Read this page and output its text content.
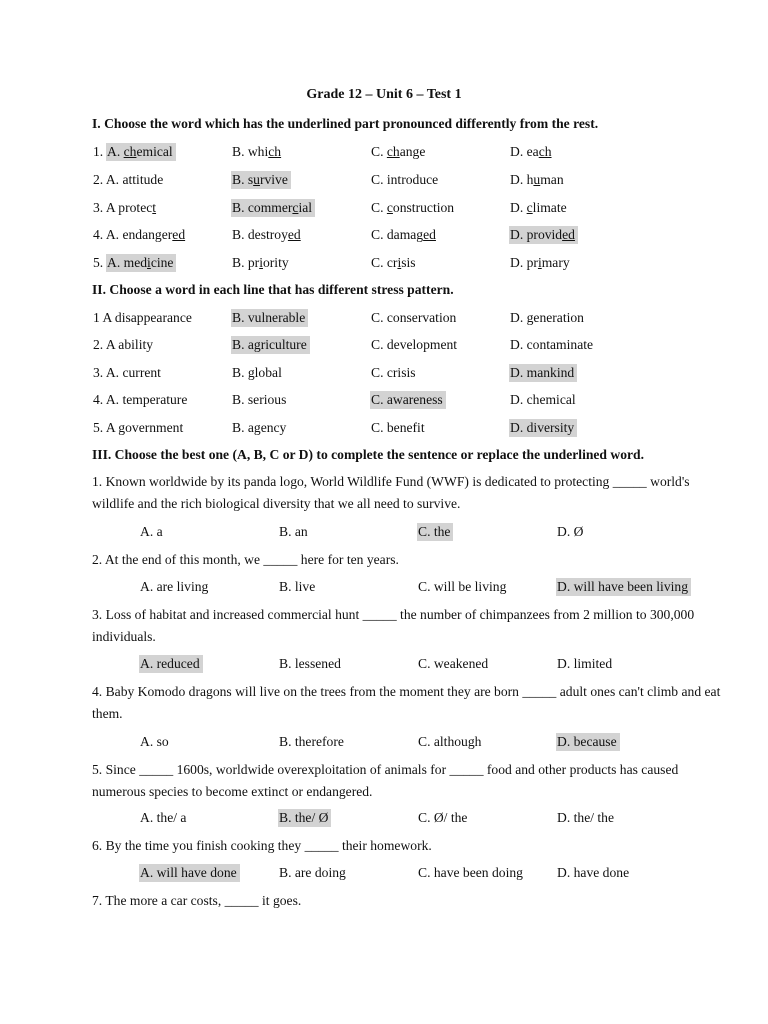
Grade 12 – Unit 6 – Test 1
I. Choose the word which has the underlined part pronounced differently from the rest.
1. A. chemical	B. which	C. change	D. each
2. A. attitude	B. survive	C. introduce	D. human
3. A protect	B. commercial	C. construction	D. climate
4. A. endangered	B. destroyed	C. damaged	D. provided
5. A. medicine	B. priority	C. crisis	D. primary
II. Choose a word in each line that has different stress pattern.
1 A disappearance	B. vulnerable	C. conservation	D. generation
2. A ability	B. agriculture	C. development	D. contaminate
3. A. current	B. global	C. crisis	D. mankind
4. A. temperature	B. serious	C. awareness	D. chemical
5. A government	B. agency	C. benefit	D. diversity
III. Choose the best one (A, B, C or D) to complete the sentence or replace the underlined word.
1. Known worldwide by its panda logo, World Wildlife Fund (WWF) is dedicated to protecting _____ world's wildlife and the rich biological diversity that we all need to survive.
A. a	B. an	C. the	D. Ø
2. At the end of this month, we _____ here for ten years.
A. are living	B. live	C. will be living	D. will have been living
3. Loss of habitat and increased commercial hunt _____ the number of chimpanzees from 2 million to 300,000 individuals.
A. reduced	B. lessened	C. weakened	D. limited
4. Baby Komodo dragons will live on the trees from the moment they are born _____ adult ones can't climb and eat them.
A. so	B. therefore	C. although	D. because
5. Since _____ 1600s, worldwide overexploitation of animals for _____ food and other products has caused numerous species to become extinct or endangered.
A. the/ a	B. the/ Ø	C. Ø/ the	D. the/ the
6. By the time you finish cooking they _____ their homework.
A. will have done	B. are doing	C. have been doing	D. have done
7. The more a car costs, _____ it goes.
